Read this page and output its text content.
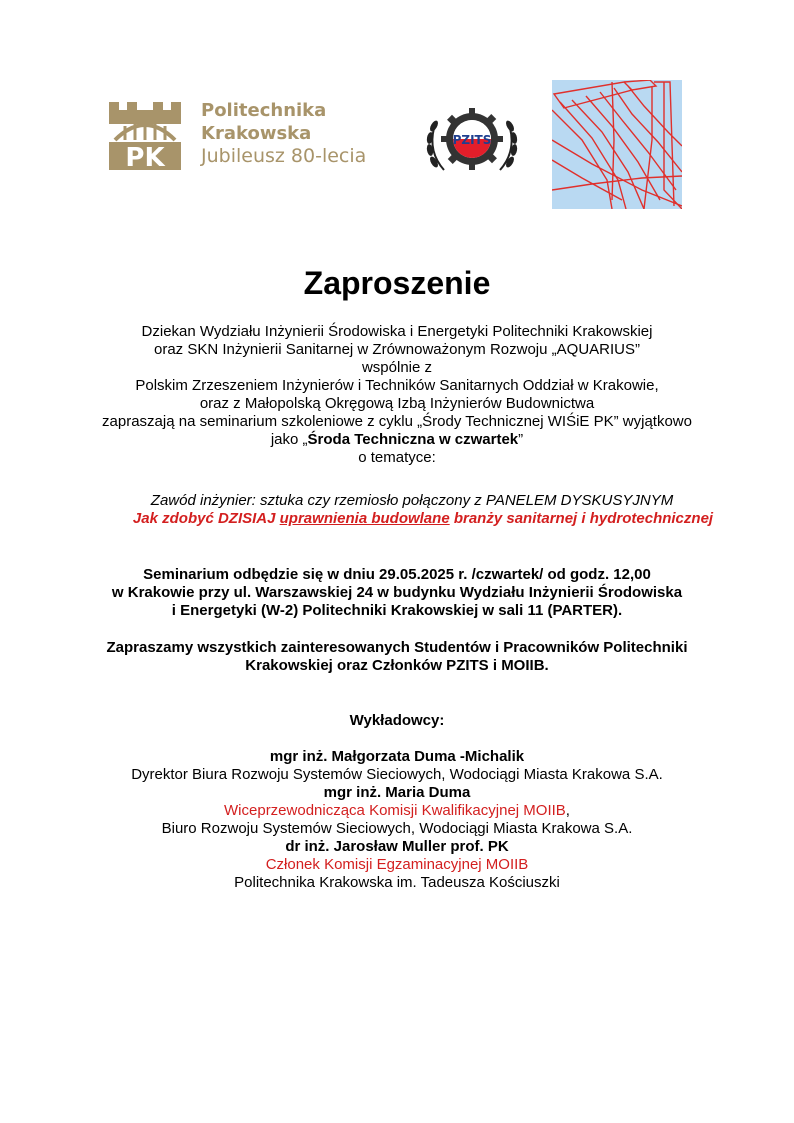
PK
Politechnika
Krakowska
Jubileusz 80-lecia
PZITS
Zaproszenie
Dziekan Wydziału Inżynierii Środowiska i Energetyki Politechniki Krakowskiej
oraz SKN Inżynierii Sanitarnej w Zrównoważonym Rozwoju „AQUARIUS”
wspólnie z
Polskim Zrzeszeniem Inżynierów i Techników Sanitarnych Oddział w Krakowie,
oraz z Małopolską Okręgową Izbą Inżynierów Budownictwa
zapraszają na seminarium szkoleniowe z cyklu „Środy Technicznej WIŚiE PK” wyjątkowo
jako „Środa Techniczna w czwartek”
o tematyce:
Zawód inżynier: sztuka czy rzemiosło połączony z PANELEM DYSKUSYJNYM
Jak zdobyć DZISIAJ uprawnienia budowlane branży sanitarnej i hydrotechnicznej
Seminarium odbędzie się w dniu 29.05.2025 r. /czwartek/ od godz. 12,00
w Krakowie przy ul. Warszawskiej 24 w budynku Wydziału Inżynierii Środowiska
i Energetyki (W-2) Politechniki Krakowskiej w sali 11 (PARTER).
Zapraszamy wszystkich zainteresowanych Studentów i Pracowników Politechniki
Krakowskiej oraz Członków PZITS i MOIIB.
Wykładowcy:
mgr inż. Małgorzata Duma -Michalik
Dyrektor Biura Rozwoju Systemów Sieciowych, Wodociągi Miasta Krakowa S.A.
mgr inż. Maria Duma
Wiceprzewodnicząca Komisji Kwalifikacyjnej MOIIB,
Biuro Rozwoju Systemów Sieciowych, Wodociągi Miasta Krakowa S.A.
dr inż. Jarosław Muller prof. PK
Członek Komisji Egzaminacyjnej MOIIB
Politechnika Krakowska im. Tadeusza Kościuszki
